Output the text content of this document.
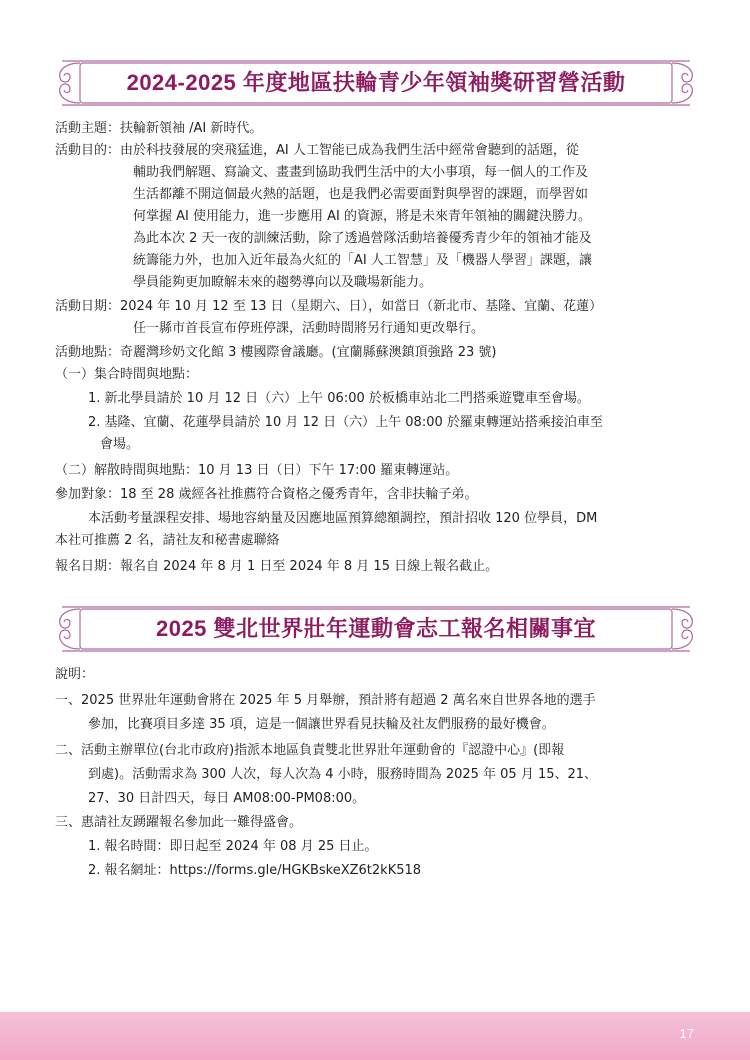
2024-2025 年度地區扶輪青少年領袖獎研習營活動
活動主題：扶輪新領袖 /AI 新時代。
活動目的：由於科技發展的突飛猛進，AI 人工智能已成為我們生活中經常會聽到的話題，從
輔助我們解題、寫論文、畫畫到協助我們生活中的大小事項，每一個人的工作及
生活都離不開這個最火熱的話題，也是我們必需要面對與學習的課題，而學習如
何掌握 AI 使用能力，進一步應用 AI 的資源，將是未來青年領袖的關鍵決勝力。
為此本次 2 天一夜的訓練活動，除了透過營隊活動培養優秀青少年的領袖才能及
統籌能力外，也加入近年最為火紅的「AI 人工智慧」及「機器人學習」課題，讓
學員能夠更加瞭解未來的趨勢導向以及職場新能力。
活動日期：2024 年 10 月 12 至 13 日（星期六、日），如當日（新北市、基隆、宜蘭、花蓮）
任一縣市首長宣布停班停課，活動時間將另行通知更改舉行。
活動地點：奇麗灣珍奶文化館 3 樓國際會議廳。(宜蘭縣蘇澳鎮頂強路 23 號)
（一）集合時間與地點：
1. 新北學員請於 10 月 12 日（六）上午 06:00 於板橋車站北二門搭乘遊覽車至會場。
2. 基隆、宜蘭、花蓮學員請於 10 月 12 日（六）上午 08:00 於羅東轉運站搭乘接泊車至
會場。
（二）解散時間與地點：10 月 13 日（日）下午 17:00 羅東轉運站。
參加對象：18 至 28 歲經各社推薦符合資格之優秀青年，含非扶輪子弟。
本活動考量課程安排、場地容納量及因應地區預算總額調控，預計招收 120 位學員，DM
本社可推薦 2 名，請社友和秘書處聯絡
報名日期：報名自 2024 年 8 月 1 日至 2024 年 8 月 15 日線上報名截止。
2025 雙北世界壯年運動會志工報名相關事宜
說明：
一、2025 世界壯年運動會將在 2025 年 5 月舉辦，預計將有超過 2 萬名來自世界各地的選手
參加，比賽項目多達 35 項，這是一個讓世界看見扶輪及社友們服務的最好機會。
二、活動主辦單位(台北市政府)指派本地區負責雙北世界壯年運動會的『認證中心』(即報
到處)。活動需求為 300 人次，每人次為 4 小時，服務時間為 2025 年 05 月 15、21、
27、30 日計四天，每日 AM08:00-PM08:00。
三、惠請社友踴躍報名參加此一難得盛會。
1. 報名時間：即日起至 2024 年 08 月 25 日止。
2. 報名網址：https://forms.gle/HGKBskeXZ6t2kK518
17
